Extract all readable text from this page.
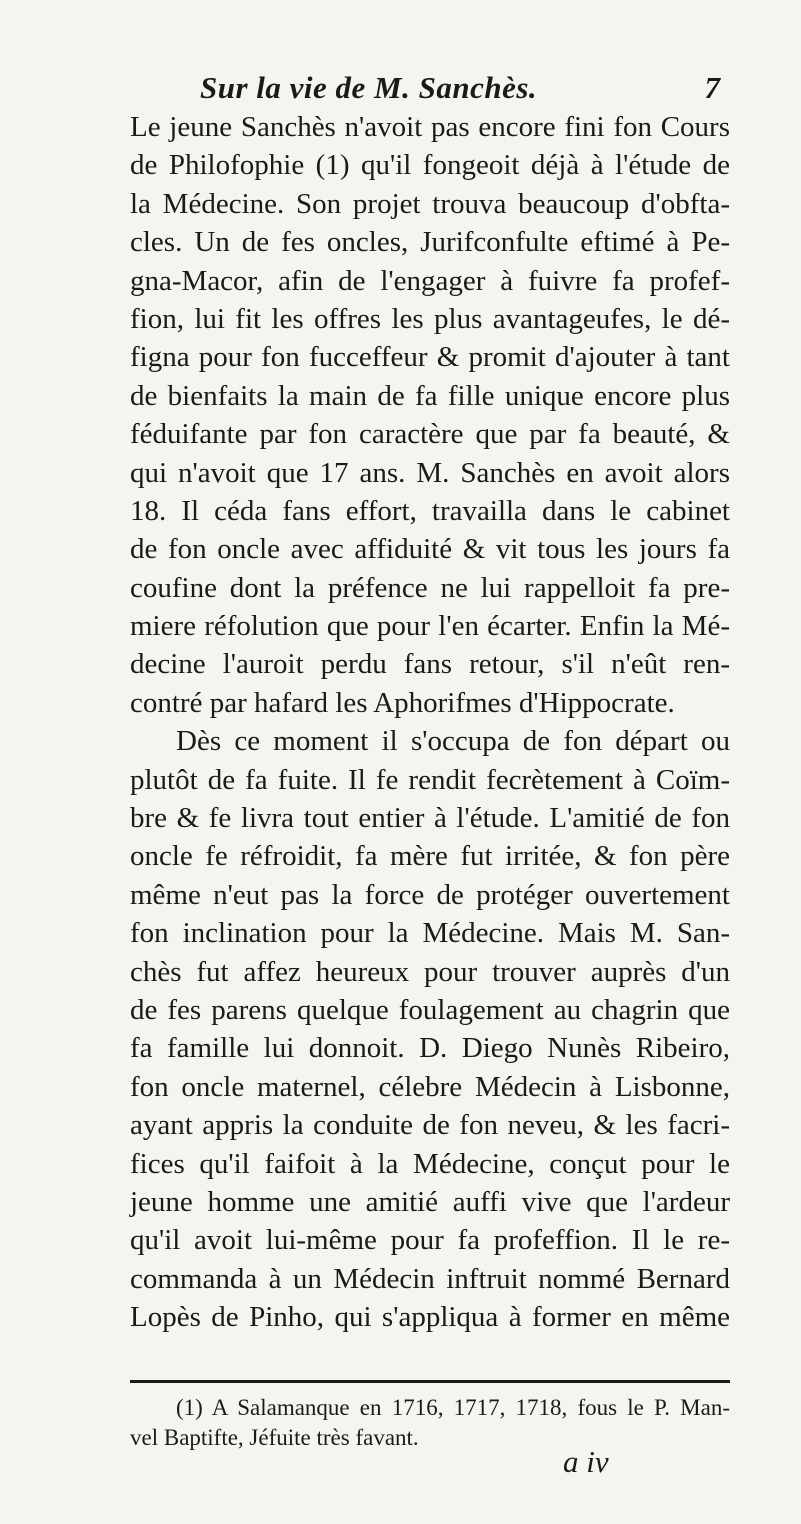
Sur la vie de M. Sanchès.	7
Le jeune Sanchès n'avoit pas encore fini fon Cours
de Philofophie (1) qu'il fongeoit déjà à l'étude de
la Médecine. Son projet trouva beaucoup d'obfta-
cles. Un de fes oncles, Jurifconfulte eftimé à Pe-
gna-Macor, afin de l'engager à fuivre fa profef-
fion, lui fit les offres les plus avantageufes, le dé-
figna pour fon fucceffeur & promit d'ajouter à tant
de bienfaits la main de fa fille unique encore plus
féduifante par fon caractère que par fa beauté, &
qui n'avoit que 17 ans. M. Sanchès en avoit alors
18. Il céda fans effort, travailla dans le cabinet
de fon oncle avec affiduité & vit tous les jours fa
coufine dont la préfence ne lui rappelloit fa pre-
miere réfolution que pour l'en écarter. Enfin la Mé-
decine l'auroit perdu fans retour, s'il n'eût ren-
contré par hafard les Aphorifmes d'Hippocrate.
Dès ce moment il s'occupa de fon départ ou
plutôt de fa fuite. Il fe rendit fecrètement à Coïm-
bre & fe livra tout entier à l'étude. L'amitié de fon
oncle fe réfroidit, fa mère fut irritée, & fon père
même n'eut pas la force de protéger ouvertement
fon inclination pour la Médecine. Mais M. San-
chès fut affez heureux pour trouver auprès d'un
de fes parens quelque foulagement au chagrin que
fa famille lui donnoit. D. Diego Nunès Ribeiro,
fon oncle maternel, célebre Médecin à Lisbonne,
ayant appris la conduite de fon neveu, & les facri-
fices qu'il faifoit à la Médecine, conçut pour le
jeune homme une amitié auffi vive que l'ardeur
qu'il avoit lui-même pour fa profeffion. Il le re-
commanda à un Médecin inftruit nommé Bernard
Lopès de Pinho, qui s'appliqua à former en même
(1) A Salamanque en 1716, 1717, 1718, fous le P. Man-
vel Baptifte, Jéfuite très favant.
a iv
